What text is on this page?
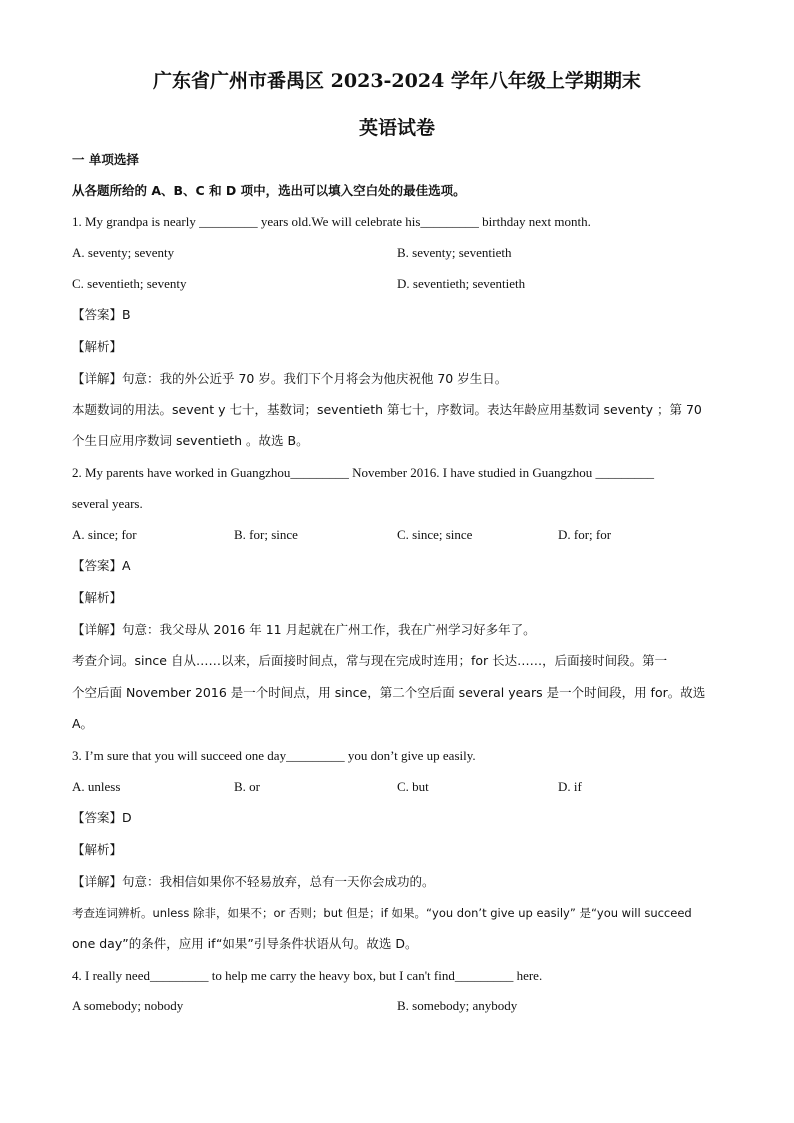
广东省广州市番禺区 2023-2024 学年八年级上学期期末
英语试卷
一 单项选择
从各题所给的 A、B、C 和 D 项中，选出可以填入空白处的最佳选项。
1. My grandpa is nearly _________ years old.We will celebrate his_________ birthday next month.
A. seventy; seventy	B. seventy; seventieth
C. seventieth; seventy	D. seventieth; seventieth
【答案】B
【解析】
【详解】句意：我的外公近乎 70 岁。我们下个月将会为他庆祝他 70 岁生日。
本题数词的用法。sevent y 七十，基数词；seventieth 第七十，序数词。表达年龄应用基数词 seventy ；第 70
个生日应用序数词 seventieth 。故选 B。
2. My parents have worked in Guangzhou_________ November 2016. I have studied in Guangzhou _________
several years.
A. since; for	B. for; since	C. since; since	D. for; for
【答案】A
【解析】
【详解】句意：我父母从 2016 年 11 月起就在广州工作，我在广州学习好多年了。
考查介词。since 自从……以来，后面接时间点，常与现在完成时连用；for 长达……，后面接时间段。第一
个空后面 November 2016 是一个时间点，用 since，第二个空后面 several years 是一个时间段，用 for。故选
A。
3. I’m sure that you will succeed one day_________ you don’t give up easily.
A. unless	B. or	C. but	D. if
【答案】D
【解析】
【详解】句意：我相信如果你不轻易放弃，总有一天你会成功的。
考查连词辨析。unless 除非，如果不；or 否则；but 但是；if 如果。“you don’t give up easily” 是“you will succeed
one day”的条件，应用 if“如果”引导条件状语从句。故选 D。
4. I really need_________ to help me carry the heavy box, but I can't find_________ here.
A somebody; nobody	B. somebody; anybody
